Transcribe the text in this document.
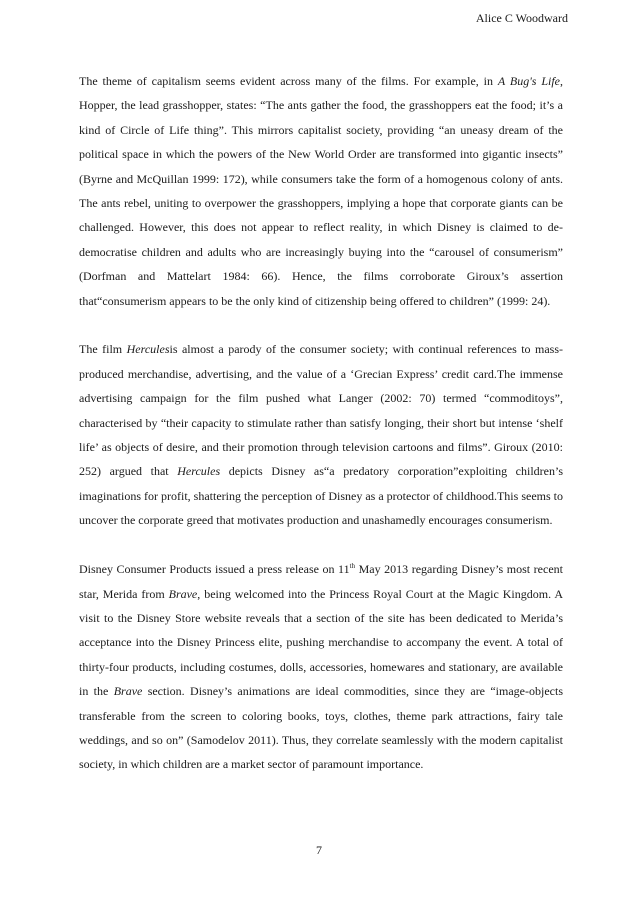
Alice C Woodward

The theme of capitalism seems evident across many of the films. For example, in A Bug's Life, Hopper, the lead grasshopper, states: “The ants gather the food, the grasshoppers eat the food; it’s a kind of Circle of Life thing”. This mirrors capitalist society, providing “an uneasy dream of the political space in which the powers of the New World Order are transformed into gigantic insects” (Byrne and McQuillan 1999: 172), while consumers take the form of a homogenous colony of ants. The ants rebel, uniting to overpower the grasshoppers, implying a hope that corporate giants can be challenged. However, this does not appear to reflect reality, in which Disney is claimed to de-democratise children and adults who are increasingly buying into the “carousel of consumerism” (Dorfman and Mattelart 1984: 66). Hence, the films corroborate Giroux’s assertion that“consumerism appears to be the only kind of citizenship being offered to children” (1999: 24).

The film Herculesis almost a parody of the consumer society; with continual references to mass-produced merchandise, advertising, and the value of a ‘Grecian Express’ credit card.The immense advertising campaign for the film pushed what Langer (2002: 70) termed “commoditoys”, characterised by “their capacity to stimulate rather than satisfy longing, their short but intense ‘shelf life’ as objects of desire, and their promotion through television cartoons and films”. Giroux (2010: 252) argued that Hercules depicts Disney as“a predatory corporation”exploiting children’s imaginations for profit, shattering the perception of Disney as a protector of childhood.This seems to uncover the corporate greed that motivates production and unashamedly encourages consumerism.

Disney Consumer Products issued a press release on 11th May 2013 regarding Disney’s most recent star, Merida from Brave, being welcomed into the Princess Royal Court at the Magic Kingdom. A visit to the Disney Store website reveals that a section of the site has been dedicated to Merida’s acceptance into the Disney Princess elite, pushing merchandise to accompany the event. A total of thirty-four products, including costumes, dolls, accessories, homewares and stationary, are available in the Brave section. Disney’s animations are ideal commodities, since they are “image-objects transferable from the screen to coloring books, toys, clothes, theme park attractions, fairy tale weddings, and so on” (Samodelov 2011). Thus, they correlate seamlessly with the modern capitalist society, in which children are a market sector of paramount importance.

7
